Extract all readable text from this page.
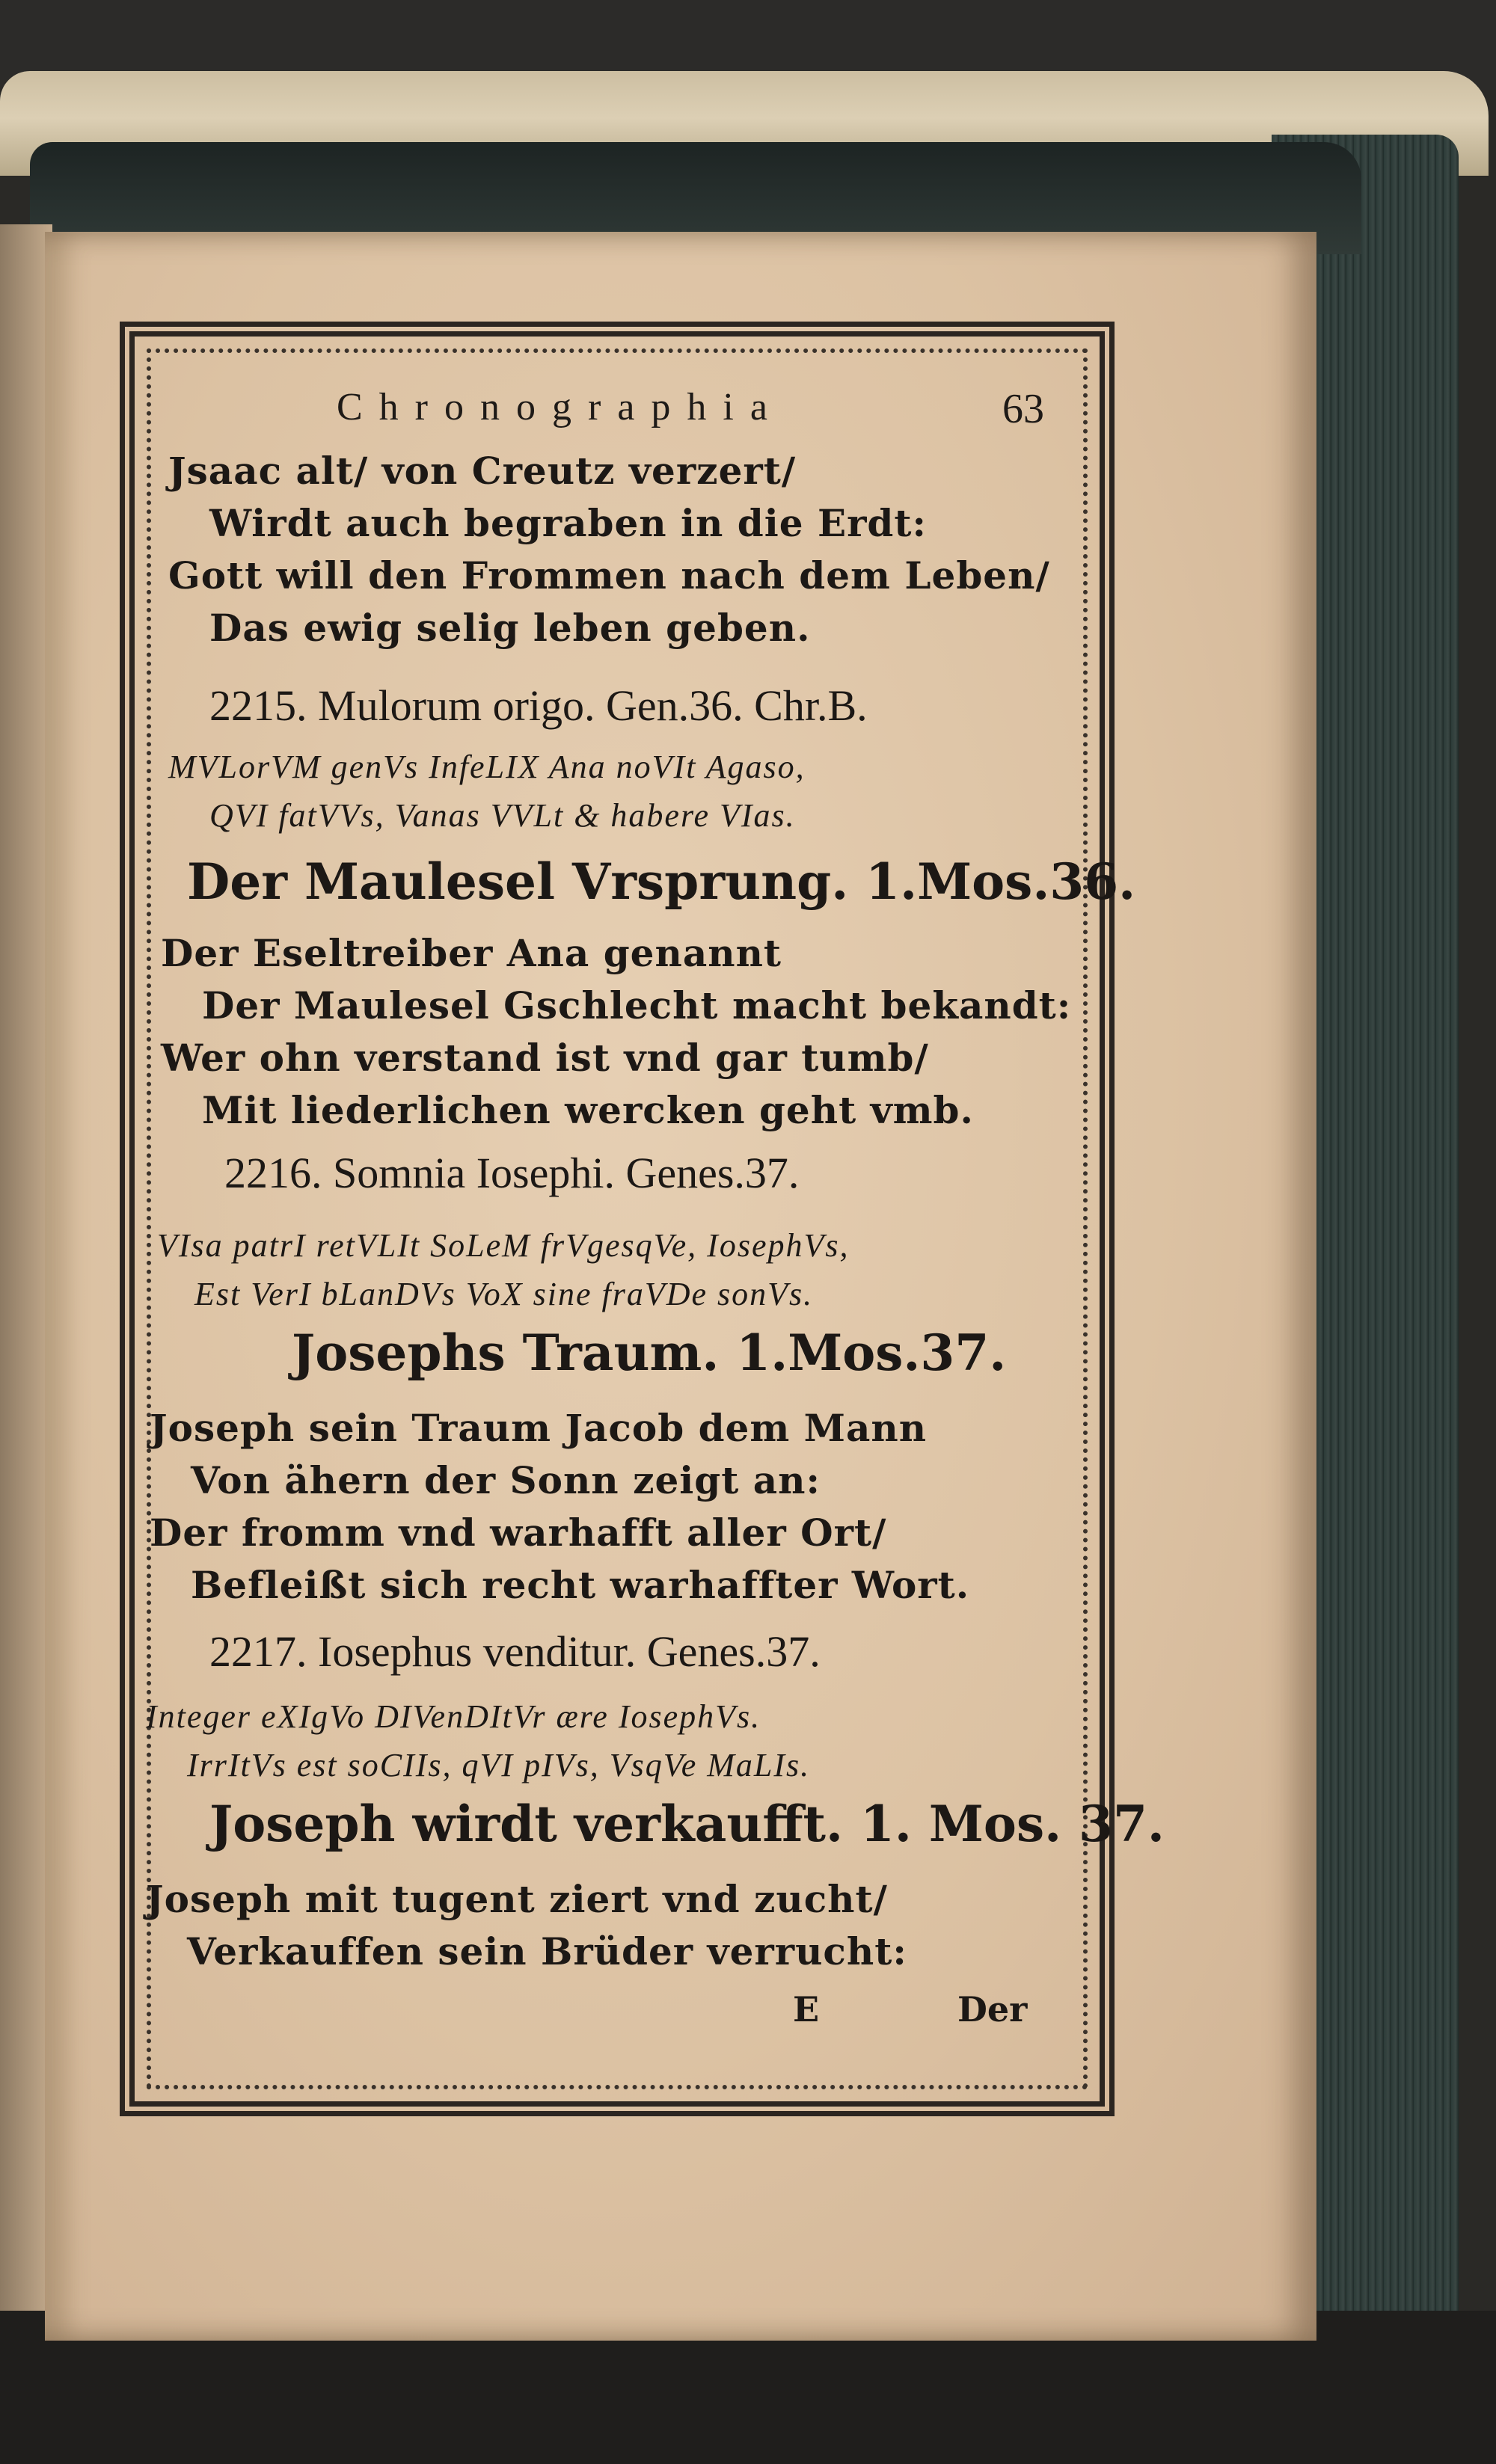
Chronographia	63
Jsaac alt/ von Creutz verzert/
Wirdt auch begraben in die Erdt:
Gott will den Frommen nach dem Leben/
Das ewig selig leben geben.
2215. Mulorum origo. Gen.36. Chr.B.
MVLorVM genVs InfeLIX Ana noVIt Agaso,
QVI fatVVs, Vanas VVLt & habere VIas.
Der Maulesel Vrsprung. 1.Mos.36.
Der Eseltreiber Ana genannt
Der Maulesel Gschlecht macht bekandt:
Wer ohn verstand ist vnd gar tumb/
Mit liederlichen wercken geht vmb.
2216. Somnia Iosephi. Genes.37.
VIsa patrI retVLIt SoLeM frVgesqVe, IosephVs,
Est VerI bLanDVs VoX sine fraVDe sonVs.
Josephs Traum. 1.Mos.37.
Joseph sein Traum Jacob dem Mann
Von ähern der Sonn zeigt an:
Der fromm vnd warhafft aller Ort/
Befleißt sich recht warhaffter Wort.
2217. Iosephus venditur. Genes.37.
Integer eXIgVo DIVenDItVr ære IosephVs.
IrrItVs est soCIIs, qVI pIVs, VsqVe MaLIs.
Joseph wirdt verkaufft. 1. Mos. 37.
Joseph mit tugent ziert vnd zucht/
Verkauffen sein Brüder verrucht:
E	Der
